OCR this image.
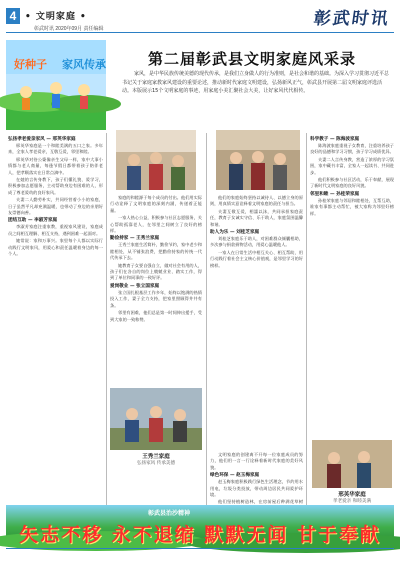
4 • 文明家庭 •
彰武时讯 2020年09月 责任编辑	彰武时讯
好种子 家风传承	第二届彰武县文明家庭风采录

家风，是中华民族传统美德的现代传承，是我们立身做人的行为准则，是社会和谐的基础。为深入学习贯彻习近平总书记关于家庭家教家风建设的重要论述，推动新时代家庭文明建设，弘扬新风正气，彰武县开展第二届文明家庭评选活动。本版展示15个文明家庭的事迹，用家庭小美汇聚社会大美，让好家风代代相传。

弘扬孝老爱亲家风 — 邢英华家庭

邢英华家庭是一个和睦美满的五口之家。多年来，全家人孝老爱亲，互敬互爱，邻里和睦。

邢英华对待公婆像亲生父母一样，家中大事小情都与老人商量，每逢节假日都带着孩子陪伴老人，把孝顺落实在日常点滴中。

在她的言传身教下，孩子们懂礼貌、爱学习，积极参加志愿服务，主动帮助身边有困难的人，形成了尊老爱幼的良好家风。

夫妻二人勤劳朴实，共同经营着小小的家庭，日子虽然平凡却充满温暖，也带动了身边的亲朋好友崇德向善。

团结互助 — 李淑芳家庭

李淑芳家庭注重家教，重视家风建设，家庭成员之间相互理解、相互支持，遇到困难一起面对。

她常说：家和万事兴。家里每个人都以实际行动践行文明家风，用爱心和责任温暖着身边的每一个人。

家庭的和睦源于每个成员的付出。他们用实际行动诠释了文明家庭的深刻内涵，传递着正能量。

一家人热心公益，积极参与社区志愿服务，关心帮助孤寡老人，在邻里之间树立了良好的榜样。

勤俭持家 — 王秀兰家庭

王秀兰家庭生活简朴，勤俭节约，家中老少和睦相处，从不铺张浪费，把勤俭持家的传统一代代传承下去。

她教育子女要自强自立，做对社会有用的人，孩子们在各自的岗位上兢兢业业、踏实工作，得到了单位和同事的一致好评。

爱岗敬业 — 张立国家庭

张立国扎根基层工作多年，始终以饱满的热情投入工作，妻子全力支持，把家里照顾得井井有条。

邻里有困难，他们总是第一时间伸出援手，受到大家的一致称赞。

王秀兰家庭
弘扬家风 传承美德

他们的家庭始终坚持以诚待人、以德立身的原则，用真情实意诠释着文明家庭的责任与担当。

夫妻互敬互爱，相濡以沫，共同承担家庭责任，教育子女诚实守信、乐于助人，家庭氛围温馨和谐。

助人为乐 — 刘桂芝家庭

刘桂芝家庭乐于助人，对困难群众倾囊相助，多次参与捐款捐物活动，用爱心温暖他人。

一家人在日常生活中相互关心、相互帮助，用行动践行着社会主义核心价值观，是邻里学习的好榜样。

邢英华家庭
孝老爱亲 和睦美满

文明家庭的创建离不开每一位家庭成员的努力，他们用一言一行诠释着新时代家庭的美好风貌。

绿色环保 — 赵玉梅家庭

赵玉梅家庭积极践行绿色生活理念，节约用水用电，垃圾分类投放，带动周边居民共同爱护环境。

他们坚持植树造林，在房前屋后种满花草树

科学教子 — 陈海波家庭

陈海波家庭重视子女教育，注重培养孩子良好的品德和学习习惯，孩子学习成绩优异。

夫妻二人言传身教，营造了浓厚的学习氛围，家中藏书丰富，全家人一起读书、共同进步。

他们积极参与社区活动，乐于奉献，展现了新时代文明家庭的良好风貌。

邻里和睦 — 孙桂荣家庭

孙桂荣家庭与邻居和睦相处，互帮互助，谁家有事都主动帮忙，被大家称为邻里好榜样。

彰武县治沙精神
矢志不移 永不退缩 默默无闻 甘于奉献
